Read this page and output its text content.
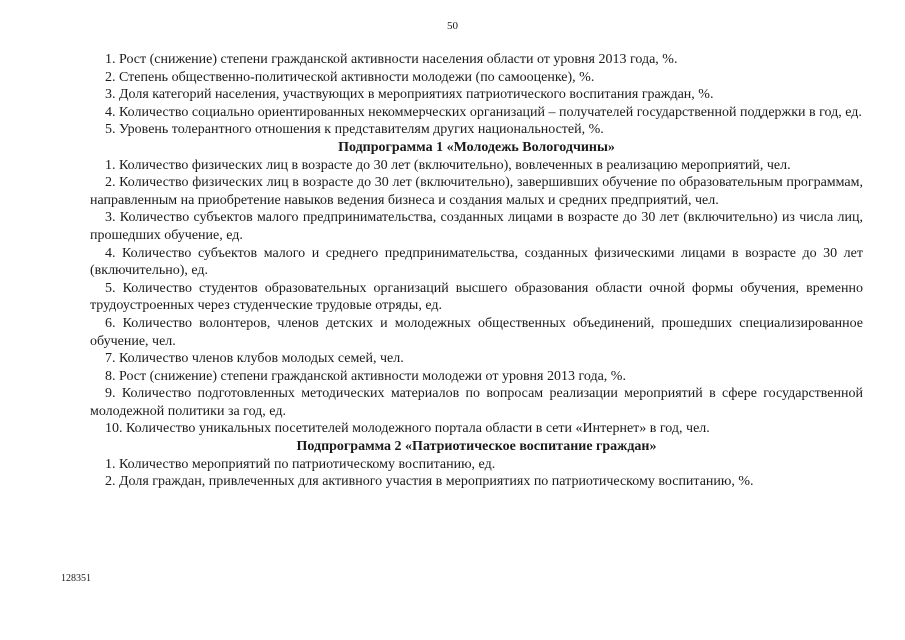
50

1. Рост (снижение) степени гражданской активности населения области от уровня 2013 года, %.

2. Степень общественно-политической активности молодежи (по самооценке), %.

3. Доля категорий населения, участвующих в мероприятиях патриотического воспитания граждан, %.

4. Количество социально ориентированных некоммерческих организаций – получателей государственной поддержки в год, ед.

5. Уровень толерантного отношения к представителям других национальностей, %.

Подпрограмма 1 «Молодежь Вологодчины»

1. Количество физических лиц в возрасте до 30 лет (включительно), вовлеченных в реализацию мероприятий, чел.

2. Количество физических лиц в возрасте до 30 лет (включительно), завершивших обучение по образовательным программам, направленным на приобретение навыков ведения бизнеса и создания малых и средних предприятий, чел.

3. Количество субъектов малого предпринимательства, созданных лицами в возрасте до 30 лет (включительно) из числа лиц, прошедших обучение, ед.

4. Количество субъектов малого и среднего предпринимательства, созданных физическими лицами в возрасте до 30 лет (включительно), ед.

5. Количество студентов образовательных организаций высшего образования области очной формы обучения, временно трудоустроенных через студенческие трудовые отряды, ед.

6. Количество волонтеров, членов детских и молодежных общественных объединений, прошедших специализированное обучение, чел.

7. Количество членов клубов молодых семей, чел.

8. Рост (снижение) степени гражданской активности молодежи от уровня 2013 года, %.

9. Количество подготовленных методических материалов по вопросам реализации мероприятий в сфере государственной молодежной политики за год, ед.

10. Количество уникальных посетителей молодежного портала области в сети «Интернет» в год, чел.

Подпрограмма 2 «Патриотическое воспитание граждан»

1. Количество мероприятий по патриотическому воспитанию, ед.

2. Доля граждан, привлеченных для активного участия в мероприятиях по патриотическому воспитанию, %.

128351
